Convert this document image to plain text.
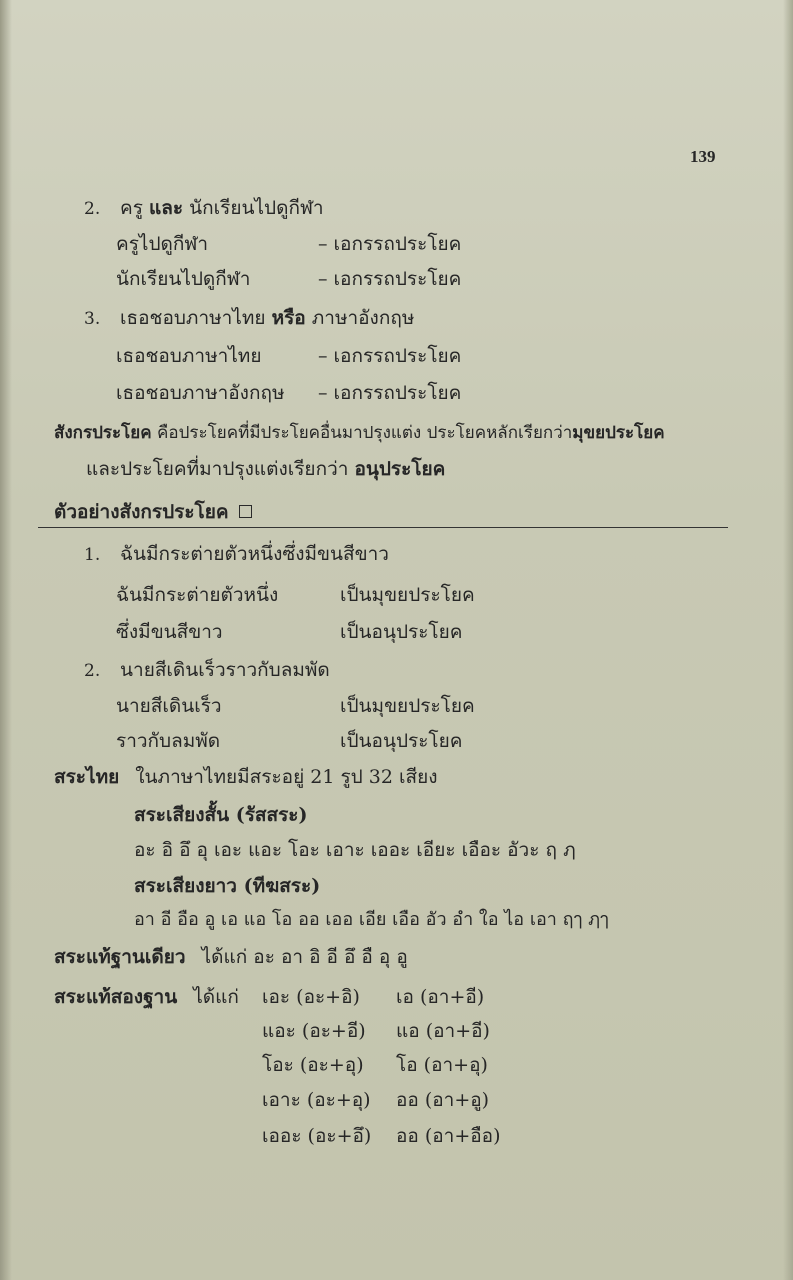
139
2. ครู และ นักเรียนไปดูกีฬา
ครูไปดูกีฬา	– เอกรรถประโยค
นักเรียนไปดูกีฬา	– เอกรรถประโยค
3. เธอชอบภาษาไทย หรือ ภาษาอังกฤษ
เธอชอบภาษาไทย	– เอกรรถประโยค
เธอชอบภาษาอังกฤษ – เอกรรถประโยค
สังกรประโยค คือประโยคที่มีประโยคอื่นมาปรุงแต่ง ประโยคหลักเรียกว่ามุขยประโยค
และประโยคที่มาปรุงแต่งเรียกว่า อนุประโยค
ตัวอย่างสังกรประโยค
1. ฉันมีกระต่ายตัวหนึ่งซึ่งมีขนสีขาว
ฉันมีกระต่ายตัวหนึ่ง	เป็นมุขยประโยค
ซึ่งมีขนสีขาว	เป็นอนุประโยค
2. นายสีเดินเร็วราวกับลมพัด
นายสีเดินเร็ว	เป็นมุขยประโยค
ราวกับลมพัด	เป็นอนุประโยค
สระไทย ในภาษาไทยมีสระอยู่ 21 รูป 32 เสียง
สระเสียงสั้น (รัสสระ)
อะ อิ อึ อุ เอะ แอะ โอะ เอาะ เออะ เอียะ เอือะ อัวะ ฤ ฦ
สระเสียงยาว (ทีฆสระ)
อา อี อือ อู เอ แอ โอ ออ เออ เอีย เอือ อัว อำ ใอ ไอ เอา ฤๅ ฦๅ
สระแท้ฐานเดียว ได้แก่ อะ อา อิ อี อึ อื อุ อู
สระแท้สองฐาน ได้แก่ เอะ (อะ+อิ) เอ (อา+อี)
แอะ (อะ+อี) แอ (อา+อี)
โอะ (อะ+อุ) โอ (อา+อุ)
เอาะ (อะ+อุ) ออ (อา+อู)
เออะ (อะ+อึ) ออ (อา+อือ)
